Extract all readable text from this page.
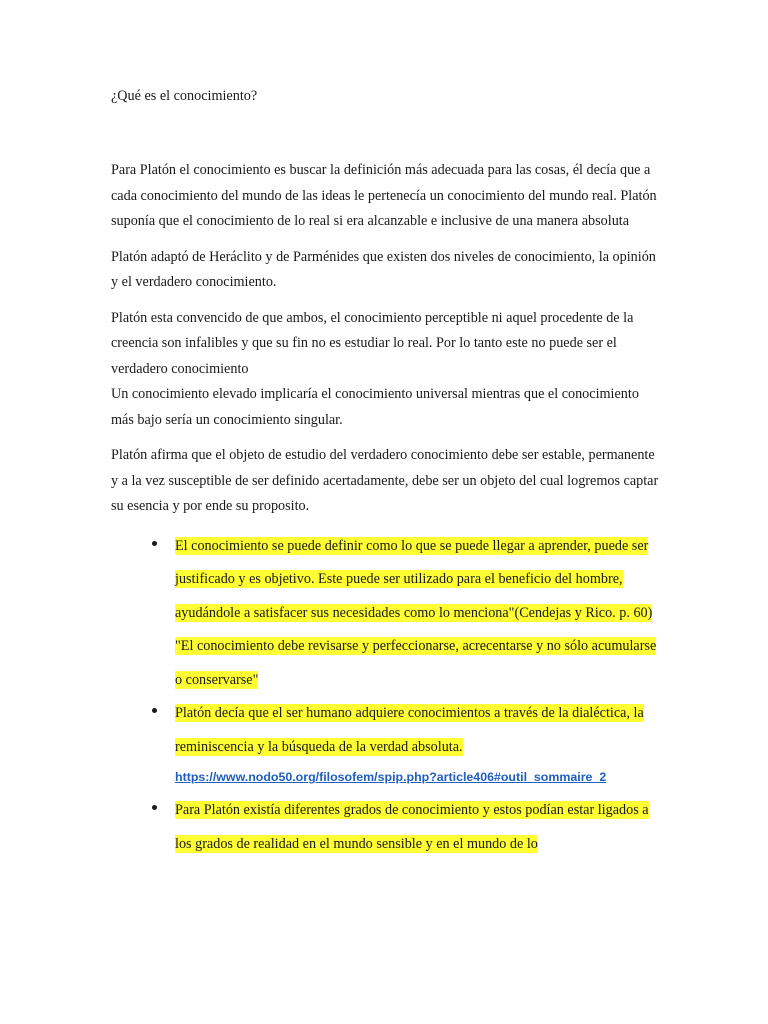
¿Qué es el conocimiento?

Para Platón el conocimiento es buscar la definición más adecuada para las cosas, él decía que a cada conocimiento del mundo de las ideas le pertenecía un conocimiento del mundo real. Platón suponía que el conocimiento de lo real si era alcanzable e inclusive de una manera absoluta

Platón adaptó de Heráclito y de Parménides que existen dos niveles de conocimiento, la opinión y el verdadero conocimiento.

Platón esta convencido de que ambos, el conocimiento perceptible ni aquel procedente de la creencia son infalibles y que su fin no es estudiar lo real. Por lo tanto este no puede ser el verdadero conocimiento

Un conocimiento elevado implicaría el conocimiento universal mientras que el conocimiento más bajo sería un conocimiento singular.

Platón afirma que el objeto de estudio del verdadero conocimiento debe ser estable, permanente y a la vez susceptible de ser definido acertadamente, debe ser un objeto del cual logremos captar su esencia y por ende su proposito.

El conocimiento se puede definir como lo que se puede llegar a aprender, puede ser justificado y es objetivo. Este puede ser utilizado para el beneficio del hombre, ayudándole a satisfacer sus necesidades como lo menciona"(Cendejas y Rico. p. 60) "El conocimiento debe revisarse y perfeccionarse, acrecentarse y no sólo acumularse o conservarse"
Platón decía que el ser humano adquiere conocimientos a través de la dialéctica, la reminiscencia y la búsqueda de la verdad absoluta.
https://www.nodo50.org/filosofem/spip.php?article406#outil_sommaire_2
Para Platón existía diferentes grados de conocimiento y estos podían estar ligados a los grados de realidad en el mundo sensible y en el mundo de lo
